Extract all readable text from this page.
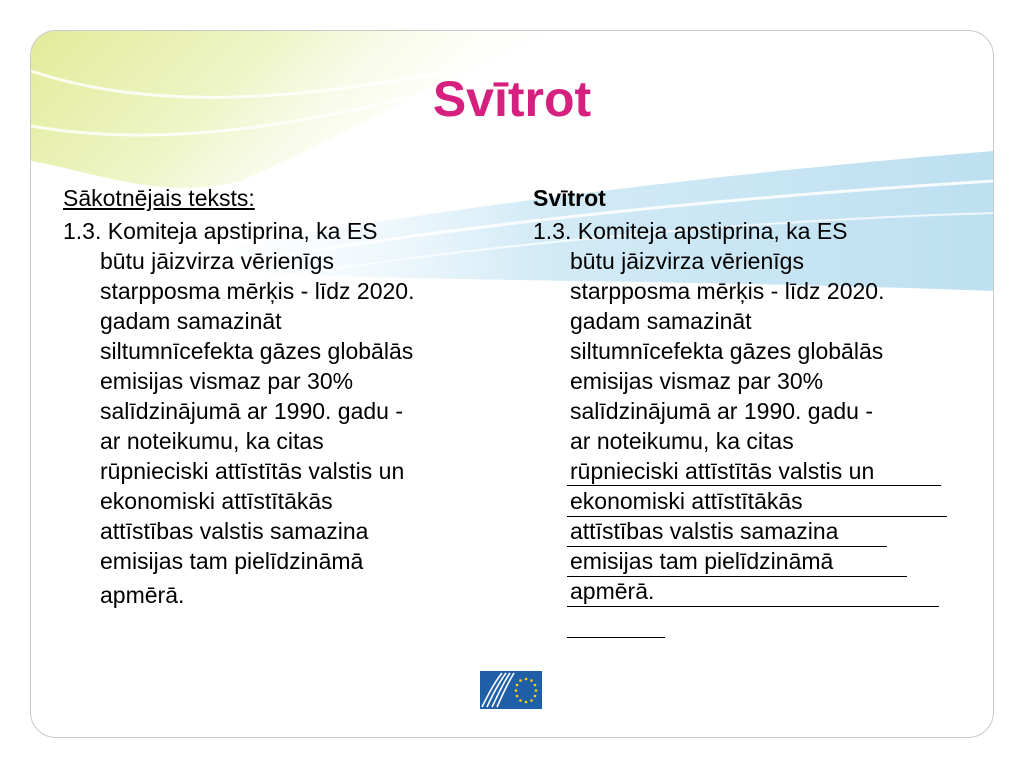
Svītrot
Sākotnējais teksts:
1.3. Komiteja apstiprina, ka ES
būtu jāizvirza vērienīgs
starpposma mērķis - līdz 2020.
gadam samazināt
siltumnīcefekta gāzes globālās
emisijas vismaz par 30%
salīdzinājumā ar 1990. gadu -
ar noteikumu, ka citas
rūpnieciski attīstītās valstis un
ekonomiski attīstītākās
attīstības valstis samazina
emisijas tam pielīdzināmā
apmērā.
Svītrot
1.3. Komiteja apstiprina, ka ES
būtu jāizvirza vērienīgs
starpposma mērķis - līdz 2020.
gadam samazināt
siltumnīcefekta gāzes globālās
emisijas vismaz par 30%
salīdzinājumā ar 1990. gadu -
ar noteikumu, ka citas
rūpnieciski attīstītās valstis un
ekonomiski attīstītākās
attīstības valstis samazina
emisijas tam pielīdzināmā
apmērā.
